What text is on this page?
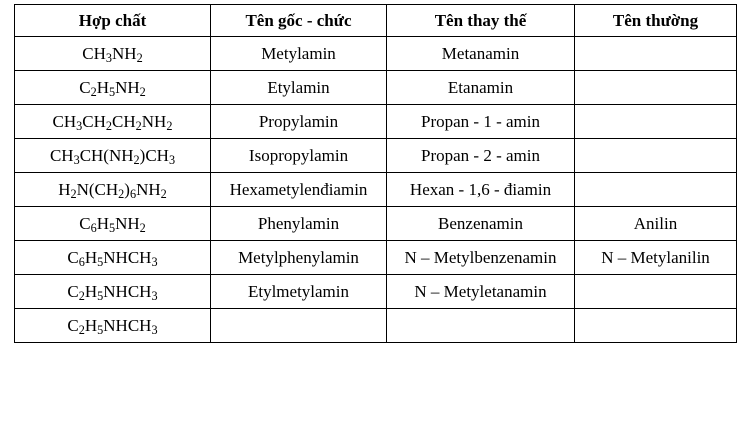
Hợp chất	Tên gốc - chức	Tên thay thế	Tên thường
$CH_3NH_2$	Metylamin	Metanamin	
$C_2H_5NH_2$	Etylamin	Etanamin	
$CH_3CH_2CH_2NH_2$	Propylamin	Propan - 1 - amin	
$CH_3CH(NH_2)CH_3$	Isopropylamin	Propan - 2 - amin	
$H_2N(CH_2)_6NH_2$	Hexametylenđiamin	Hexan - 1,6 - điamin	
$C_6H_5NH_2$	Phenylamin	Benzenamin	Anilin
$C_6H_5NHCH_3$	Metylphenylamin	N – Metylbenzenamin	N – Metylanilin
$C_2H_5NHCH_3$	Etylmetylamin	N – Metyletanamin	
$C_2H_5NHCH_3$			
